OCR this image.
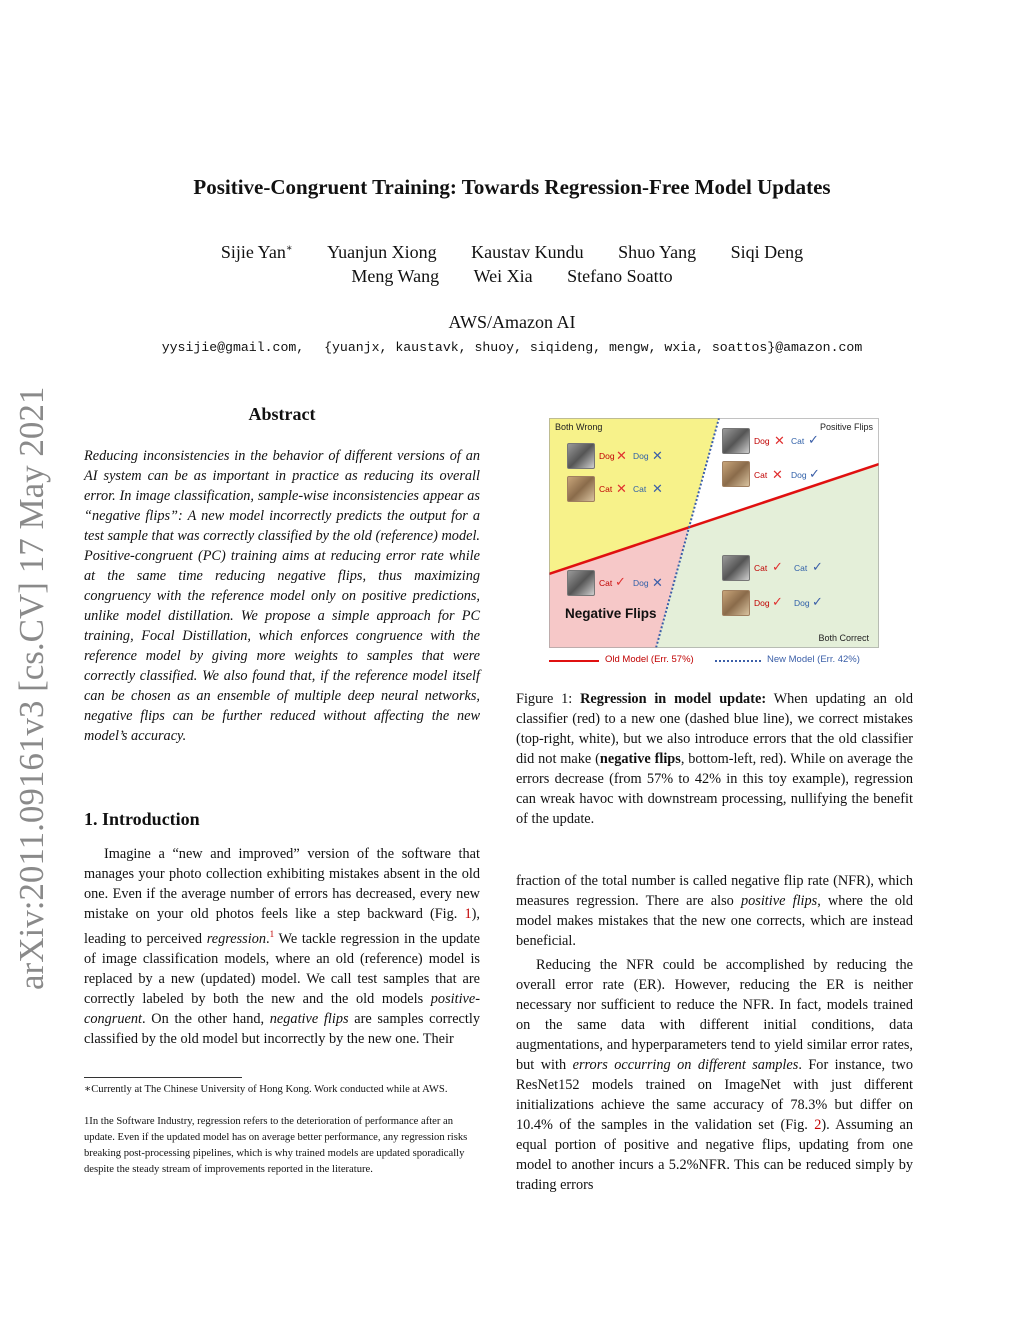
arXiv:2011.09161v3 [cs.CV] 17 May 2021
Positive-Congruent Training: Towards Regression-Free Model Updates
Sijie Yan∗ Yuanjun Xiong Kaustav Kundu Shuo Yang Siqi Deng
Meng Wang Wei Xia Stefano Soatto
AWS/Amazon AI
yysijie@gmail.com, {yuanjx, kaustavk, shuoy, siqideng, mengw, wxia, soattos}@amazon.com
Abstract
Reducing inconsistencies in the behavior of different versions of an AI system can be as important in practice as reducing its overall error. In image classification, sample-wise inconsistencies appear as “negative flips”: A new model incorrectly predicts the output for a test sample that was correctly classified by the old (reference) model. Positive-congruent (PC) training aims at reducing error rate while at the same time reducing negative flips, thus maximizing congruency with the reference model only on positive predictions, unlike model distillation. We propose a simple approach for PC training, Focal Distillation, which enforces congruence with the reference model by giving more weights to samples that were correctly classified. We also found that, if the reference model itself can be chosen as an ensemble of multiple deep neural networks, negative flips can be further reduced without affecting the new model’s accuracy.
1. Introduction

Imagine a “new and improved” version of the software that manages your photo collection exhibiting mistakes absent in the old one. Even if the average number of errors has decreased, every new mistake on your old photos feels like a step backward (Fig. 1), leading to perceived regression.$^1$ We tackle regression in the update of image classification models, where an old (reference) model is replaced by a new (updated) model. We call test samples that are correctly labeled by both the new and the old models positive-congruent. On the other hand, negative flips are samples correctly classified by the old model but incorrectly by the new one. Their

∗Currently at The Chinese University of Hong Kong. Work conducted while at AWS.
1In the Software Industry, regression refers to the deterioration of performance after an update. Even if the updated model has on average better performance, any regression risks breaking post-processing pipelines, which is why trained models are updated sporadically despite the steady stream of improvements reported in the literature.
Both Wrong	Positive Flips
Negative Flips
Both Correct
Dog ✕ Dog ✕
Cat ✕ Cat ✕
Dog ✕ Cat ✓
Cat ✕ Dog ✓
Cat ✓ Dog ✕
Cat ✓ Cat ✓
Dog ✓ Dog ✓
Old Model (Err. 57%)	New Model (Err. 42%)
Figure 1: Regression in model update: When updating an old classifier (red) to a new one (dashed blue line), we correct mistakes (top-right, white), but we also introduce errors that the old classifier did not make (negative flips, bottom-left, red). While on average the errors decrease (from 57% to 42% in this toy example), regression can wreak havoc with downstream processing, nullifying the benefit of the update.

fraction of the total number is called negative flip rate (NFR), which measures regression. There are also positive flips, where the old model makes mistakes that the new one corrects, which are instead beneficial.

Reducing the NFR could be accomplished by reducing the overall error rate (ER). However, reducing the ER is neither necessary nor sufficient to reduce the NFR. In fact, models trained on the same data with different initial conditions, data augmentations, and hyperparameters tend to yield similar error rates, but with errors occurring on different samples. For instance, two ResNet152 models trained on ImageNet with just different initializations achieve the same accuracy of 78.3% but differ on 10.4% of the samples in the validation set (Fig. 2). Assuming an equal portion of positive and negative flips, updating from one model to another incurs a 5.2%NFR. This can be reduced simply by trading errors
